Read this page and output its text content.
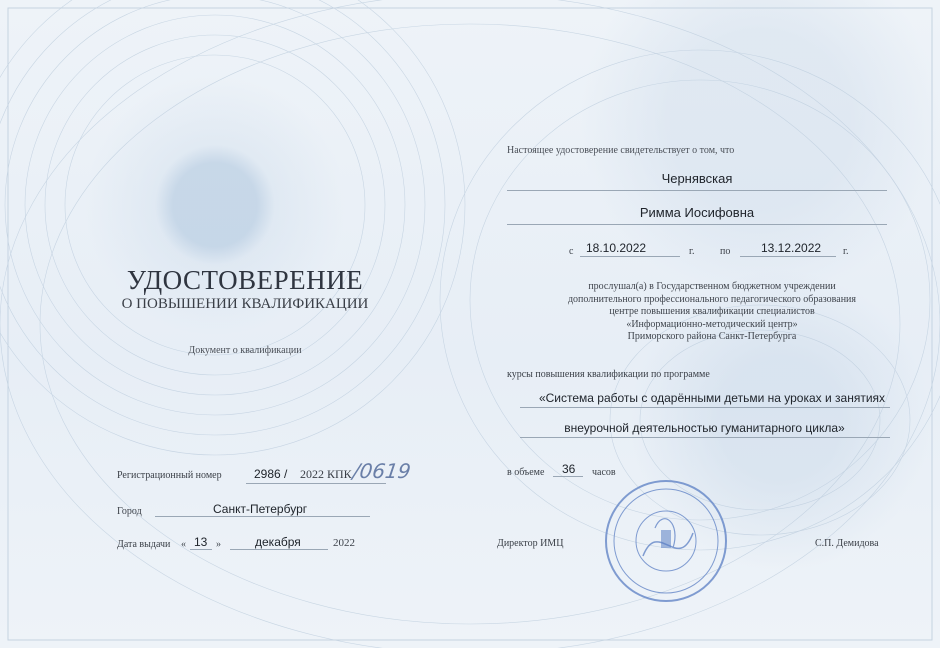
УДОСТОВЕРЕНИЕ
О ПОВЫШЕНИИ КВАЛИФИКАЦИИ
Документ о квалификации
Регистрационный номер	2986 / 2022 КПК /0619
Город	Санкт-Петербург
Дата выдачи « 13 »	декабря	2022
Настоящее удостоверение свидетельствует о том, что
Чернявская
Римма Иосифовна
с 18.10.2022	г.	по	13.12.2022 г.
прослушал(а) в Государственном бюджетном учреждении
дополнительного профессионального педагогического образования
центре повышения квалификации специалистов
«Информационно-методический центр»
Приморского района Санкт-Петербурга
курсы повышения квалификации по программе
«Система работы с одарёнными детьми на уроках и занятиях
внеурочной деятельностью гуманитарного цикла»
в объеме 36 часов
Директор ИМЦ	С.П. Демидова
